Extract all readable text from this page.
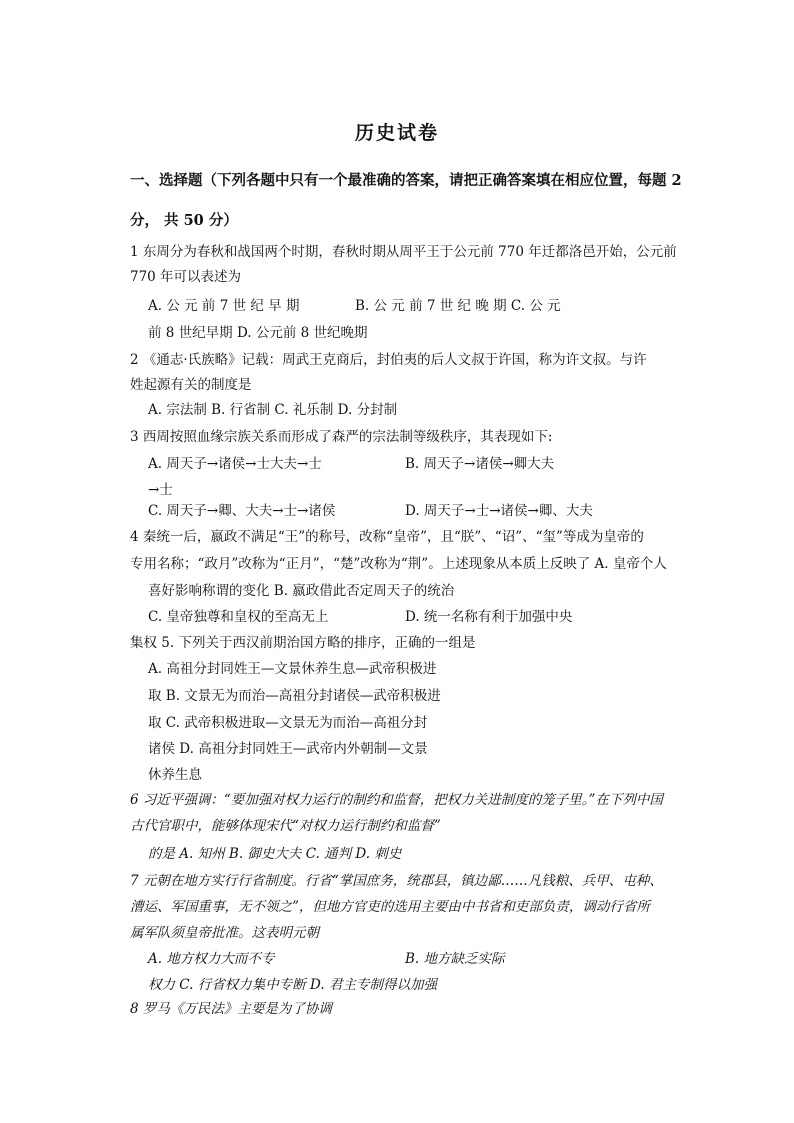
历史试卷
一、选择题（下列各题中只有一个最准确的答案，请把正确答案填在相应位置，每题 2
分， 共 50 分）
1 东周分为春秋和战国两个时期，春秋时期从周平王于公元前 770 年迁都洛邑开始，公元前
770 年可以表述为
A. 公 元 前 7 世 纪 早 期	B. 公 元 前 7 世 纪 晚 期 C. 公 元
前 8 世纪早期 D. 公元前 8 世纪晚期
2 《通志·氏族略》记载：周武王克商后，封伯夷的后人文叔于许国，称为许文叔。与许
姓起源有关的制度是
A. 宗法制 B. 行省制 C. 礼乐制 D. 分封制
3 西周按照血缘宗族关系而形成了森严的宗法制等级秩序，其表现如下:
A. 周天子→诸侯→士大夫→士	B. 周天子→诸侯→卿大夫
→士
C. 周天子→卿、大夫→士→诸侯	D. 周天子→士→诸侯→卿、大夫
4 秦统一后，嬴政不满足“王”的称号，改称“皇帝”，且“朕”、“诏”、“玺”等成为皇帝的
专用名称；“政月”改称为“正月”，“楚”改称为“荆”。上述现象从本质上反映了 A. 皇帝个人
喜好影响称谓的变化 B. 嬴政借此否定周天子的统治
C. 皇帝独尊和皇权的至高无上	D. 统一名称有利于加强中央
集权 5. 下列关于西汉前期治国方略的排序，正确的一组是
A. 高祖分封同姓王—文景休养生息—武帝积极进
取 B. 文景无为而治—高祖分封诸侯—武帝积极进
取 C. 武帝积极进取—文景无为而治—高祖分封
诸侯 D. 高祖分封同姓王—武帝内外朝制—文景
休养生息
6 习近平强调：“要加强对权力运行的制约和监督，把权力关进制度的笼子里。”在下列中国
古代官职中，能够体现宋代“对权力运行制约和监督”
的是 A. 知州 B. 御史大夫 C. 通判 D. 刺史
7 元朝在地方实行行省制度。行省“掌国庶务，统郡县，镇边鄙……凡钱粮、兵甲、屯种、
漕运、军国重事，无不领之”，但地方官吏的选用主要由中书省和吏部负责，调动行省所
属军队须皇帝批准。这表明元朝
A. 地方权力大而不专	B. 地方缺乏实际
权力 C. 行省权力集中专断 D. 君主专制得以加强
8 罗马《万民法》主要是为了协调
